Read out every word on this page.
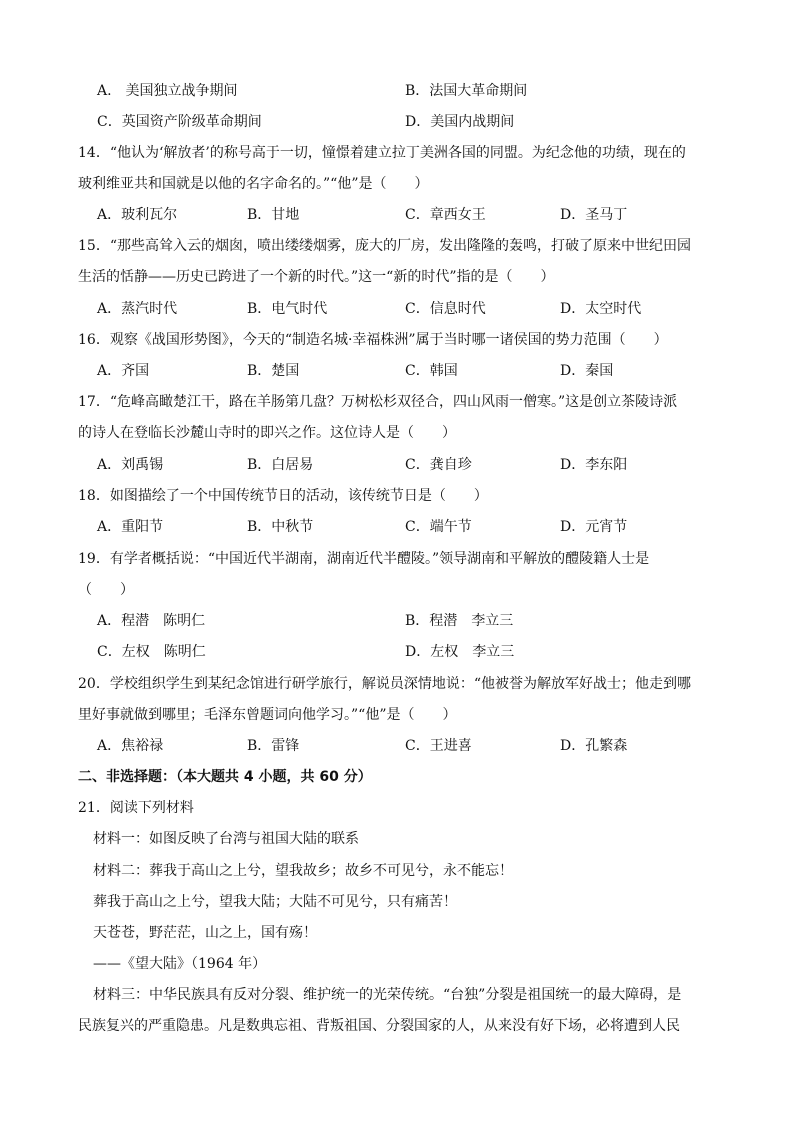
A.　美国独立战争期间	B．法国大革命期间
C．英国资产阶级革命期间	D．美国内战期间
14．“他认为‘解放者’的称号高于一切，憧憬着建立拉丁美洲各国的同盟。为纪念他的功绩，现在的
玻利维亚共和国就是以他的名字命名的。”“他”是（　　）
A．玻利瓦尔	B．甘地	C．章西女王	D．圣马丁
15．“那些高耸入云的烟囱，喷出缕缕烟雾，庞大的厂房，发出隆隆的轰鸣，打破了原来中世纪田园
生活的恬静——历史已跨进了一个新的时代。”这一“新的时代”指的是（　　）
A．蒸汽时代	B．电气时代	C．信息时代	D．太空时代
16．观察《战国形势图》，今天的“制造名城·幸福株洲”属于当时哪一诸侯国的势力范围（　　）
A．齐国	B．楚国	C．韩国	D．秦国
17．“危峰高瞰楚江干，路在羊肠第几盘？万树松杉双径合，四山风雨一僧寒。”这是创立茶陵诗派
的诗人在登临长沙麓山寺时的即兴之作。这位诗人是（　　）
A．刘禹锡	B．白居易	C．龚自珍	D．李东阳
18．如图描绘了一个中国传统节日的活动，该传统节日是（　　）
A．重阳节	B．中秋节	C．端午节	D．元宵节
19．有学者概括说：“中国近代半湖南，湖南近代半醴陵。”领导湖南和平解放的醴陵籍人士是
（　　）
A．程潜　陈明仁	B．程潜　李立三
C．左权　陈明仁	D．左权　李立三
20．学校组织学生到某纪念馆进行研学旅行，解说员深情地说：“他被誉为解放军好战士；他走到哪
里好事就做到哪里；毛泽东曾题词向他学习。”“他”是（　　）
A．焦裕禄	B．雷锋	C．王进喜	D．孔繁森
二、非选择题：（本大题共 4 小题，共 60 分）
21．阅读下列材料
材料一：如图反映了台湾与祖国大陆的联系
材料二：葬我于高山之上兮，望我故乡；故乡不可见兮，永不能忘！
葬我于高山之上兮，望我大陆；大陆不可见兮，只有痛苦！
天苍苍，野茫茫，山之上，国有殇！
——《望大陆》（1964 年）
材料三：中华民族具有反对分裂、维护统一的光荣传统。“台独”分裂是祖国统一的最大障碍，是
民族复兴的严重隐患。凡是数典忘祖、背叛祖国、分裂国家的人，从来没有好下场，必将遭到人民
